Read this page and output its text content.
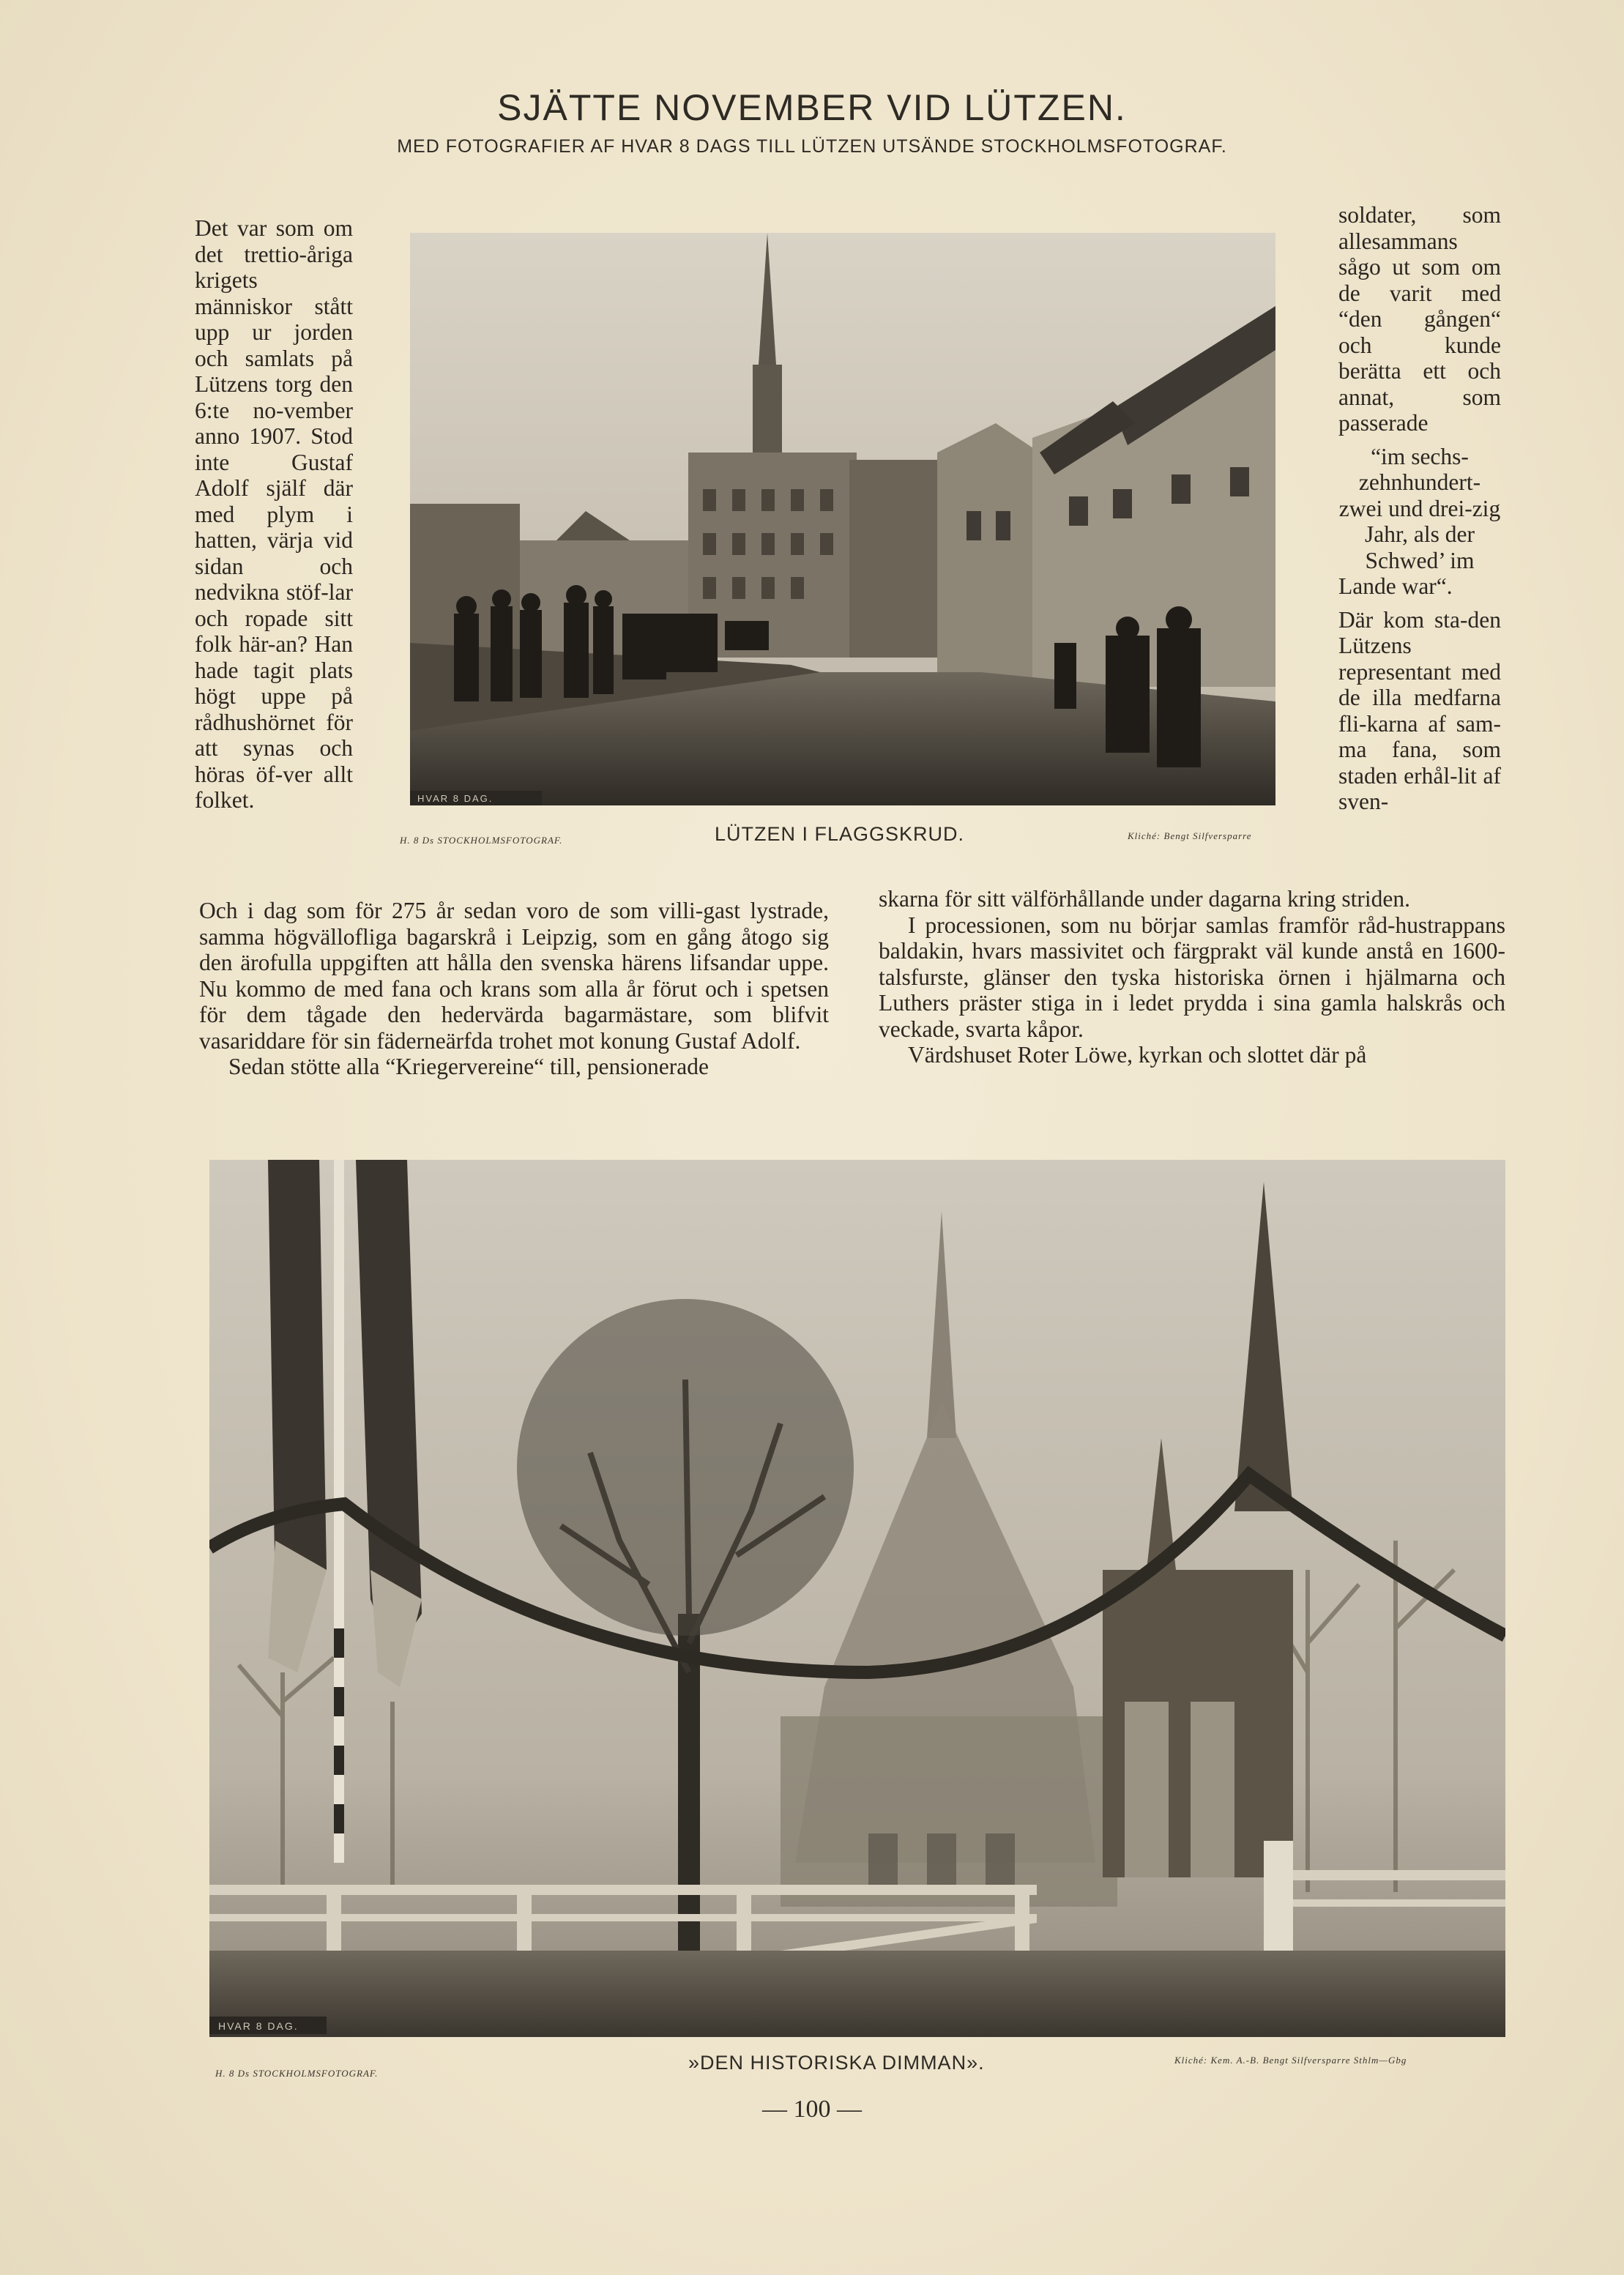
SJÄTTE NOVEMBER VID LÜTZEN.
MED FOTOGRAFIER AF HVAR 8 DAGS TILL LÜTZEN UTSÄNDE STOCKHOLMSFOTOGRAF.

Det var som om det trettio-åriga krigets människor stått upp ur jorden och samlats på Lützens torg den 6:te no-vember anno 1907. Stod inte Gustaf Adolf själf där med plym i hatten, värja vid sidan och nedvikna stöf-lar och ropade sitt folk här-an? Han hade tagit plats högt uppe på rådhushörnet för att synas och höras öf-ver allt folket.

soldater, som allesammans sågo ut som om de varit med “den gången“ och kunde berätta ett och annat, som passerade

“im sechs-zehnhundert-zwei und drei-zig Jahr, als der Schwed’ im Lande war“.

Där kom sta-den Lützens representant med de illa medfarna fli-karna af sam-ma fana, som staden erhål-lit af sven-

HVAR 8 DAG.
H. 8 Ds STOCKHOLMSFOTOGRAF.	LÜTZEN I FLAGGSKRUD.	Kliché: Bengt Silfversparre

Och i dag som för 275 år sedan voro de som villi-gast lystrade, samma högvällofliga bagarskrå i Leipzig, som en gång åtogo sig den ärofulla uppgiften att hålla den svenska härens lifsandar uppe. Nu kommo de med fana och krans som alla år förut och i spetsen för dem tågade den hedervärda bagarmästare, som blifvit vasariddare för sin fäderneärfda trohet mot konung Gustaf Adolf.

Sedan stötte alla “Kriegervereine“ till, pensionerade

skarna för sitt välförhållande under dagarna kring striden.

I processionen, som nu börjar samlas framför råd-hustrappans baldakin, hvars massivitet och färgprakt väl kunde anstå en 1600-talsfurste, glänser den tyska historiska örnen i hjälmarna och Luthers präster stiga in i ledet prydda i sina gamla halskrås och veckade, svarta kåpor.

Värdshuset Roter Löwe, kyrkan och slottet där på

HVAR 8 DAG.
H. 8 Ds STOCKHOLMSFOTOGRAF.	»DEN HISTORISKA DIMMAN».	Kliché: Kem. A.-B. Bengt Silfversparre Sthlm—Gbg
— 100 —
